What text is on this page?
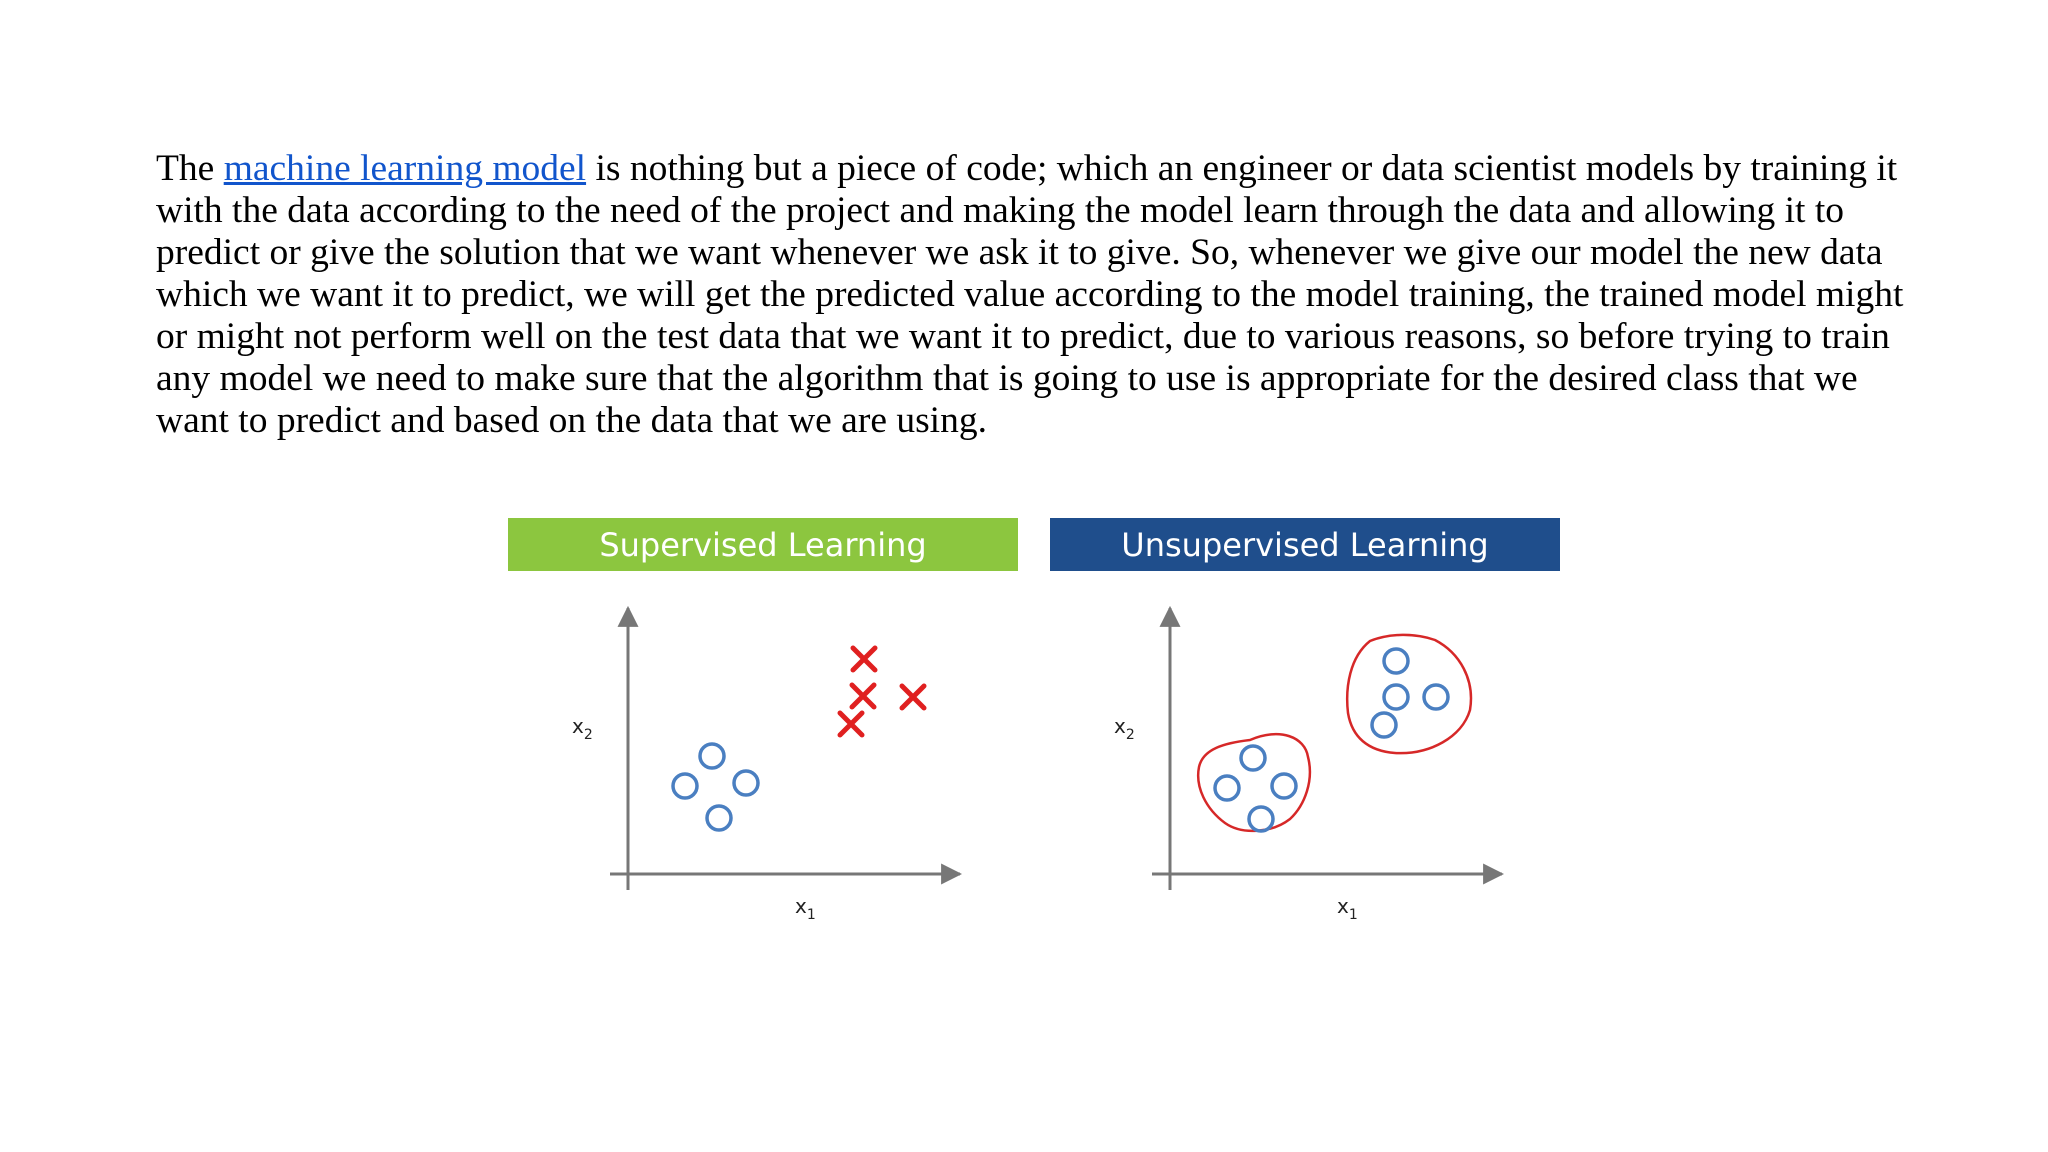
The machine learning model is nothing but a piece of code; which an engineer or data scientist models by training it with the data according to the need of the project and making the model learn through the data and allowing it to predict or give the solution that we want whenever we ask it to give. So, whenever we give our model the new data which we want it to predict, we will get the predicted value according to the model training, the trained model might or might not perform well on the test data that we want it to predict, due to various reasons, so before trying to train any model we need to make sure that the algorithm that is going to use is appropriate for the desired class that we want to predict and based on the data that we are using.

Supervised Learning
$x_2$
$x_1$
Unsupervised Learning
$x_2$
$x_1$
